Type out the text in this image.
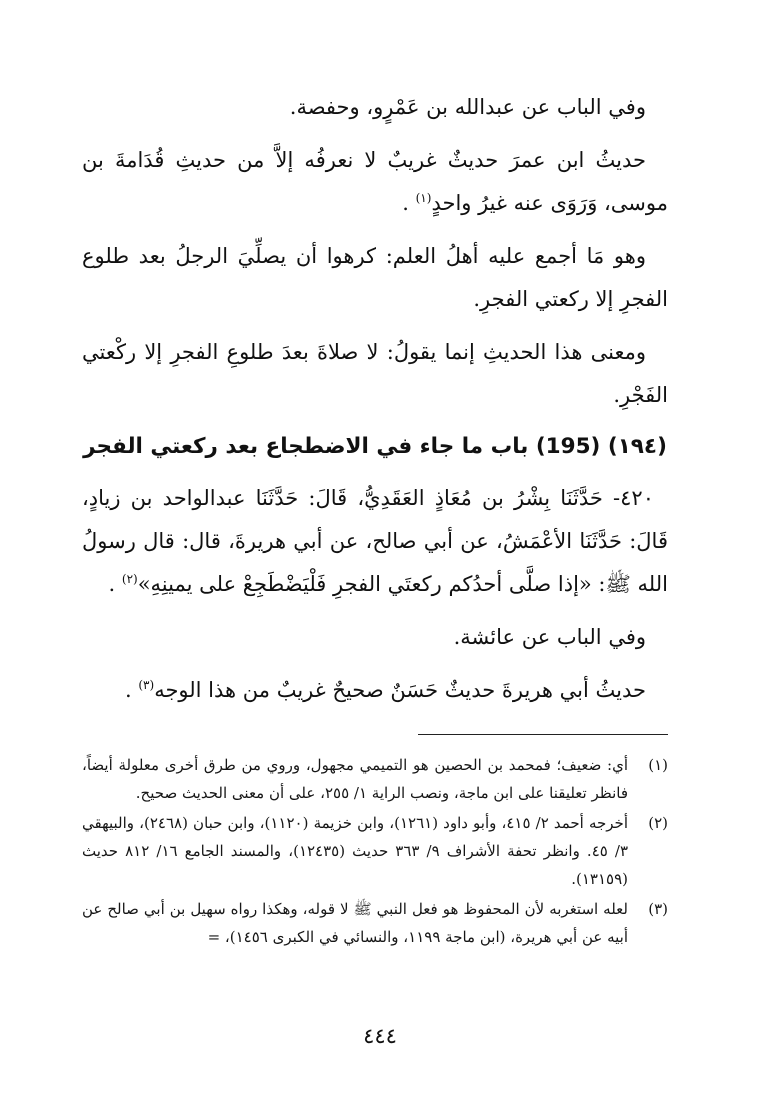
وفي الباب عن عبدالله بن عَمْرٍو، وحفصة.

حديثُ ابن عمرَ حديثٌ غريبٌ لا نعرفُه إلاَّ من حديثِ قُدَامةَ بن موسى، وَرَوَى عنه غيرُ واحدٍ$^{(١)}$ .

وهو مَا أجمع عليه أهلُ العلم: كرهوا أن يصلِّيَ الرجلُ بعد طلوع الفجرِ إلا ركعتي الفجرِ.

ومعنى هذا الحديثِ إنما يقولُ: لا صلاةَ بعدَ طلوعِ الفجرِ إلا ركْعتي الفَجْرِ.

(١٩٤) (195) باب ما جاء في الاضطجاع بعد ركعتي الفجر

٤٢٠- حَدَّثَنَا بِشْرُ بن مُعَاذٍ العَقَدِيُّ، قَالَ: حَدَّثَنَا عبدالواحد بن زيادٍ، قَالَ: حَدَّثَنَا الأعْمَشُ، عن أبي صالح، عن أبي هريرةَ، قال: قال رسولُ الله ﷺ: «إذا صلَّى أحدُكم ركعتَي الفجرِ فَلْيَضْطَجِعْ على يمينِهِ»$^{(٢)}$ .

وفي الباب عن عائشة.

حديثُ أبي هريرةَ حديثٌ حَسَنٌ صحيحٌ غريبٌ من هذا الوجه$^{(٣)}$ .

(١)
أي: ضعيف؛ فمحمد بن الحصين هو التميمي مجهول، وروي من طرق أخرى معلولة أيضاً، فانظر تعليقنا على ابن ماجة، ونصب الراية ١/ ٢٥٥، على أن معنى الحديث صحيح.
(٢)
أخرجه أحمد ٢/ ٤١٥، وأبو داود (١٢٦١)، وابن خزيمة (١١٢٠)، وابن حبان (٢٤٦٨)، والبيهقي ٣/ ٤٥. وانظر تحفة الأشراف ٩/ ٣٦٣ حديث (١٢٤٣٥)، والمسند الجامع ١٦/ ٨١٢ حديث (١٣١٥٩).
(٣)
لعله استغربه لأن المحفوظ هو فعل النبي ﷺ لا قوله، وهكذا رواه سهيل بن أبي صالح عن أبيه عن أبي هريرة، (ابن ماجة ١١٩٩، والنسائي في الكبرى ١٤٥٦)، =
٤٤٤
